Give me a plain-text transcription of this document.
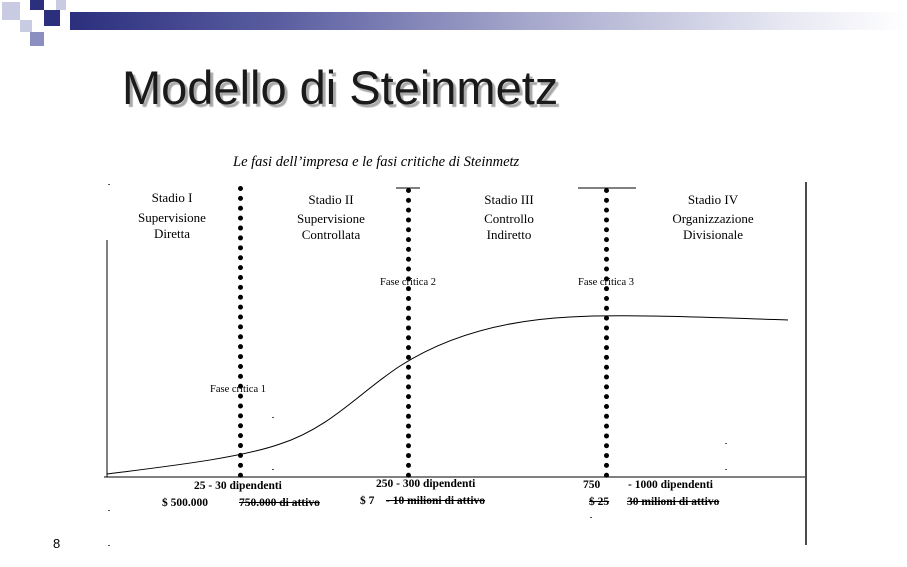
Modello di Steinmetz
Le fasi dell’impresa e le fasi critiche di Steinmetz
Stadio I
Supervisione
Diretta
Stadio II
Supervisione
Controllata
Stadio III
Controllo
Indiretto
Stadio IV
Organizzazione
Divisionale
Fase critica 1
Fase critica 2	Fase critica 3
25 - 30 dipendenti
$ 500.000	750.000 di attivo
250 - 300 dipendenti
$ 7 - 10 milioni di attivo
750 - 1000 dipendenti
$ 25 30 milioni di attivo
8
